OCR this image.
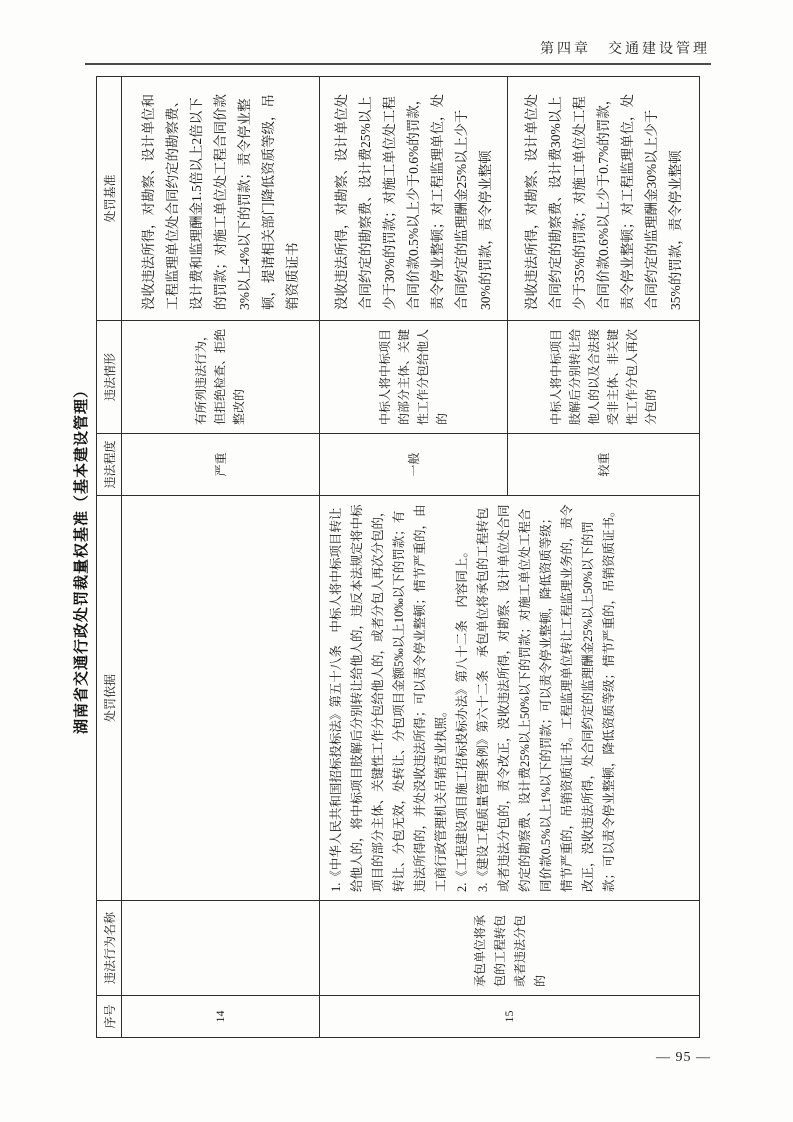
第四章　交通建设管理
湖南省交通行政处罚裁量权基准（基本建设管理）
序号	违法行为名称	处罚依据	违法程度	违法情形	处罚基准
14			严重	有所列违法行为，但拒绝检查、拒绝整改的	没收违法所得，对勘察、设计单位和工程监理单位处合同约定的勘察费、设计费和监理酬金1.5倍以上2倍以下的罚款；对施工单位处工程合同价款3%以上4%以下的罚款；责令停业整顿，提请相关部门降低资质等级，吊销资质证书
15	承包单位将承包的工程转包或者违法分包的	1.《中华人民共和国招标投标法》第五十八条　中标人将中标项目转让给他人的，将中标项目肢解后分别转让给他人的，违反本法规定将中标项目的部分主体、关键性工作分包给他人的，或者分包人再次分包的，转让、分包无效，处转让、分包项目金额5‰以上10‰以下的罚款；有违法所得的，并处没收违法所得；可以责令停业整顿；情节严重的，由工商行政管理机关吊销营业执照。 2.《工程建设项目施工招标投标办法》第八十二条　内容同上。 3.《建设工程质量管理条例》第六十二条　承包单位将承包的工程转包或者违法分包的，责令改正，没收违法所得，对勘察、设计单位处合同约定的勘察费、设计费25%以上50%以下的罚款；对施工单位处工程合同价款0.5%以上1%以下的罚款；可以责令停业整顿，降低资质等级；情节严重的，吊销资质证书。工程监理单位转让工程监理业务的，责令改正，没收违法所得，处合同约定的监理酬金25%以上50%以下的罚款；可以责令停业整顿，降低资质等级；情节严重的，吊销资质证书。	一般	中标人将中标项目的部分主体、关键性工作分包给他人的	没收违法所得，对勘察、设计单位处合同约定的勘察费、设计费25%以上少于30%的罚款；对施工单位处工程合同价款0.5%以上少于0.6%的罚款，责令停业整顿；对工程监理单位，处合同约定的监理酬金25%以上少于30%的罚款，责令停业整顿
			较重	中标人将中标项目肢解后分别转让给他人的以及合法接受非主体、非关键性工作分包人再次分包的	没收违法所得，对勘察、设计单位处合同约定的勘察费、设计费30%以上少于35%的罚款；对施工单位处工程合同价款0.6%以上少于0.7%的罚款，责令停业整顿；对工程监理单位，处合同约定的监理酬金30%以上少于35%的罚款，责令停业整顿
— 95 —
